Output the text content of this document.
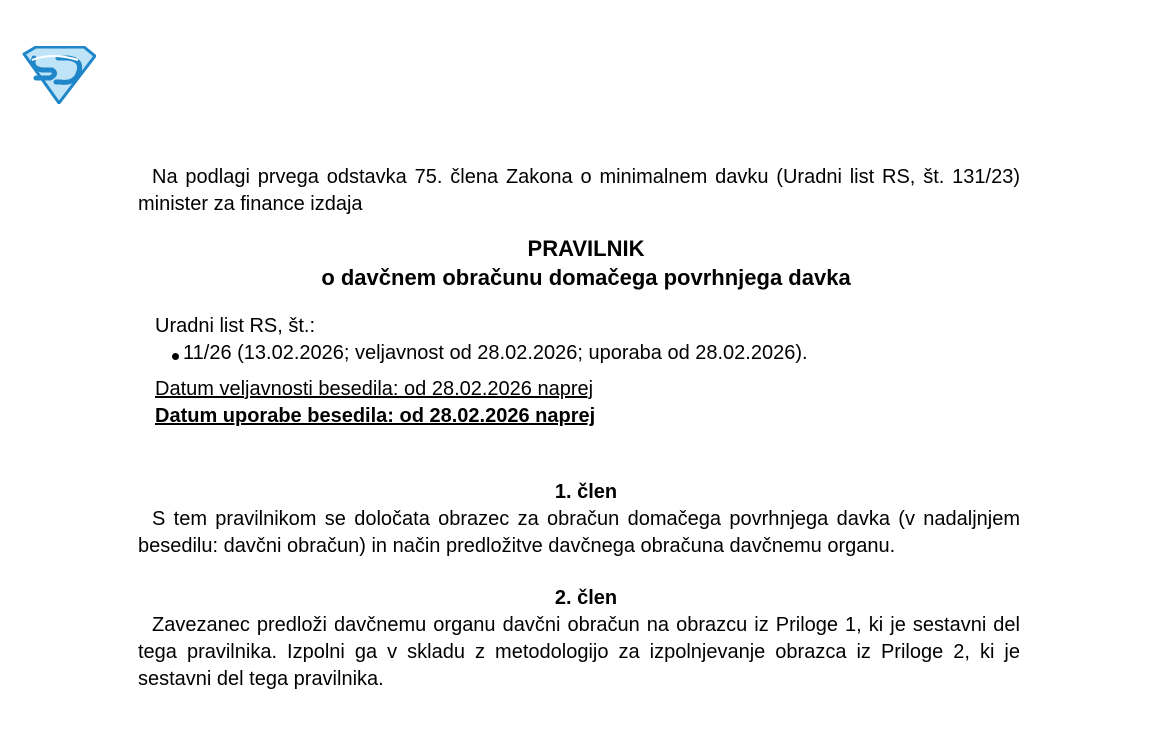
Na podlagi prvega odstavka 75. člena Zakona o minimalnem davku (Uradni list RS, št. 131/23) minister za finance izdaja

PRAVILNIK
o davčnem obračunu domačega povrhnjega davka
Uradni list RS, št.:
11/26 (13.02.2026; veljavnost od 28.02.2026; uporaba od 28.02.2026).
Datum veljavnosti besedila: od 28.02.2026 naprej
Datum uporabe besedila: od 28.02.2026 naprej
1. člen

S tem pravilnikom se določata obrazec za obračun domačega povrhnjega davka (v nadaljnjem besedilu: davčni obračun) in način predložitve davčnega obračuna davčnemu organu.

2. člen

Zavezanec predloži davčnemu organu davčni obračun na obrazcu iz Priloge 1, ki je sestavni del tega pravilnika. Izpolni ga v skladu z metodologijo za izpolnjevanje obrazca iz Priloge 2, ki je sestavni del tega pravilnika.
